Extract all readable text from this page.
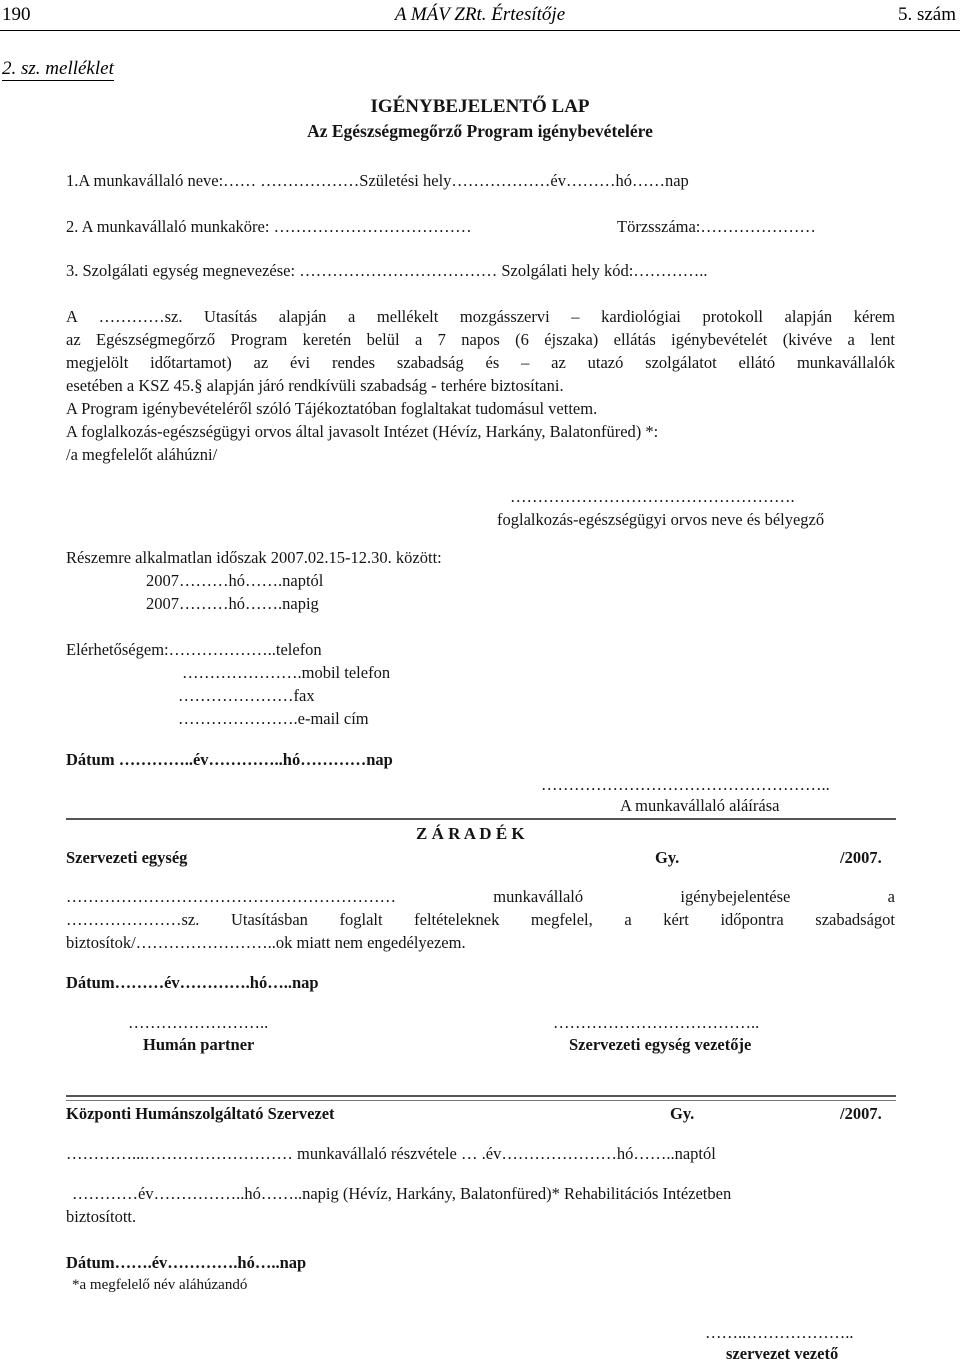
190	A MÁV ZRt. Értesítője	5. szám
2. sz. melléklet
IGÉNYBEJELENTŐ LAP
Az Egészségmegőrző Program igénybevételére
1.A munkavállaló neve:…… ………………Születési hely………………év………hó……nap
2. A munkavállaló munkaköre: ………………………………	Törzsszáma:…………………
3. Szolgálati egység megnevezése: ……………………………… Szolgálati hely kód:…………..
A …………sz. Utasítás alapján a mellékelt mozgásszervi – kardiológiai protokoll alapján kérem
az Egészségmegőrző Program keretén belül a 7 napos (6 éjszaka) ellátás igénybevételét (kivéve a lent
megjelölt időtartamot) az évi rendes szabadság és – az utazó szolgálatot ellátó munkavállalók
esetében a KSZ 45.§ alapján járó rendkívüli szabadság - terhére biztosítani.
A Program igénybevételéről szóló Tájékoztatóban foglaltakat tudomásul vettem.
A foglalkozás-egészségügyi orvos által javasolt Intézet (Hévíz, Harkány, Balatonfüred) *:
/a megfelelőt aláhúzni/
…………………………………………….
foglalkozás-egészségügyi orvos neve és bélyegző
Részemre alkalmatlan időszak 2007.02.15-12.30. között:
2007………hó…….naptól
2007………hó…….napig
Elérhetőségem:………………..telefon
………………….mobil telefon
…………………fax
………………….e-mail cím
Dátum …………..év…………..hó…………nap
……………………………………………..
A munkavállaló aláírása
Z Á R A D É K
Szervezeti egység	Gy.	/2007.
…………………………………………………… munkavállaló igénybejelentése a
…………………sz. Utasításban foglalt feltételeknek megfelel, a kért időpontra szabadságot
biztosítok/……………………..ok miatt nem engedélyezem.
Dátum………év………….hó…..nap
……………………..
Humán partner
………………………………..
Szervezeti egység vezetője
Központi Humánszolgáltató Szervezet	Gy.	/2007.
…………...……………………… munkavállaló részvétele … .év…………………hó……..naptól
…………év……………..hó……..napig (Hévíz, Harkány, Balatonfüred)* Rehabilitációs Intézetben
biztosított.
Dátum…….év………….hó…..nap
*a megfelelő név aláhúzandó
……..………………..
szervezet vezető
